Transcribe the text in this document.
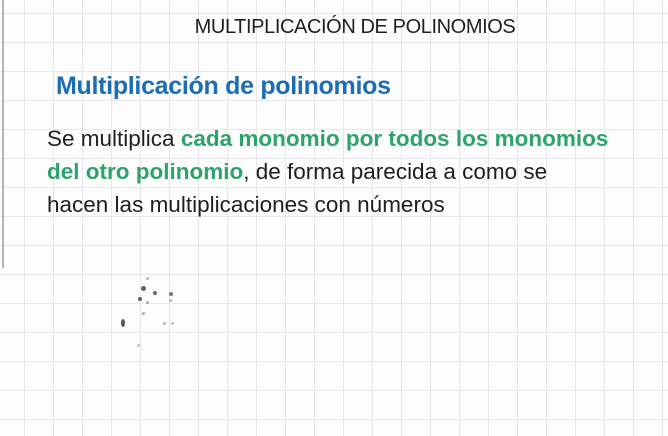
MULTIPLICACIÓN DE POLINOMIOS
Multiplicación de polinomios
Se multiplica cada monomio por todos los monomios
del otro polinomio, de forma parecida a como se
hacen las multiplicaciones con números
